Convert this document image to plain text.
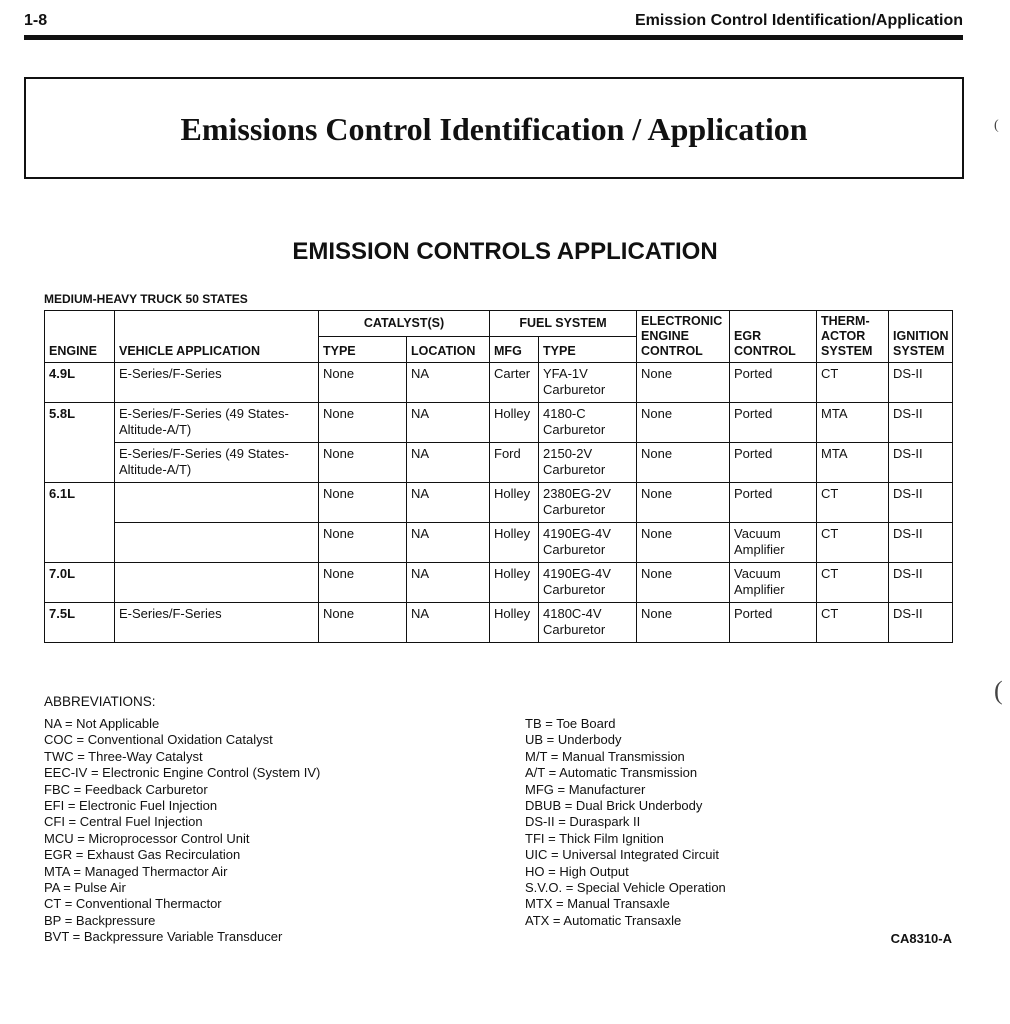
1-8	Emission Control Identification/Application
Emissions Control Identification / Application
EMISSION CONTROLS APPLICATION
MEDIUM-HEAVY TRUCK 50 STATES
ENGINE	VEHICLE APPLICATION	CATALYST(S)		FUEL SYSTEM		ELECTRONIC ENGINE CONTROL	EGR CONTROL	THERM-ACTOR SYSTEM	IGNITION SYSTEM
		TYPE	LOCATION	MFG	TYPE				
4.9L	E-Series/F-Series	None	NA	Carter	YFA-1V Carburetor	None	Ported	CT	DS-II
5.8L	E-Series/F-Series (49 States-Altitude-A/T)	None	NA	Holley	4180-C Carburetor	None	Ported	MTA	DS-II
	E-Series/F-Series (49 States-Altitude-A/T)	None	NA	Ford	2150-2V Carburetor	None	Ported	MTA	DS-II
6.1L		None	NA	Holley	2380EG-2V Carburetor	None	Ported	CT	DS-II
		None	NA	Holley	4190EG-4V Carburetor	None	Vacuum Amplifier	CT	DS-II
7.0L		None	NA	Holley	4190EG-4V Carburetor	None	Vacuum Amplifier	CT	DS-II
7.5L	E-Series/F-Series	None	NA	Holley	4180C-4V Carburetor	None	Ported	CT	DS-II
ABBREVIATIONS:
NA = Not Applicable
COC = Conventional Oxidation Catalyst
TWC = Three-Way Catalyst
EEC-IV = Electronic Engine Control (System IV)
FBC = Feedback Carburetor
EFI = Electronic Fuel Injection
CFI = Central Fuel Injection
MCU = Microprocessor Control Unit
EGR = Exhaust Gas Recirculation
MTA = Managed Thermactor Air
PA = Pulse Air
CT = Conventional Thermactor
BP = Backpressure
BVT = Backpressure Variable Transducer
TB = Toe Board
UB = Underbody
M/T = Manual Transmission
A/T = Automatic Transmission
MFG = Manufacturer
DBUB = Dual Brick Underbody
DS-II = Duraspark II
TFI = Thick Film Ignition
UIC = Universal Integrated Circuit
HO = High Output
S.V.O. = Special Vehicle Operation
MTX = Manual Transaxle
ATX = Automatic Transaxle
CA8310-A
(
(
